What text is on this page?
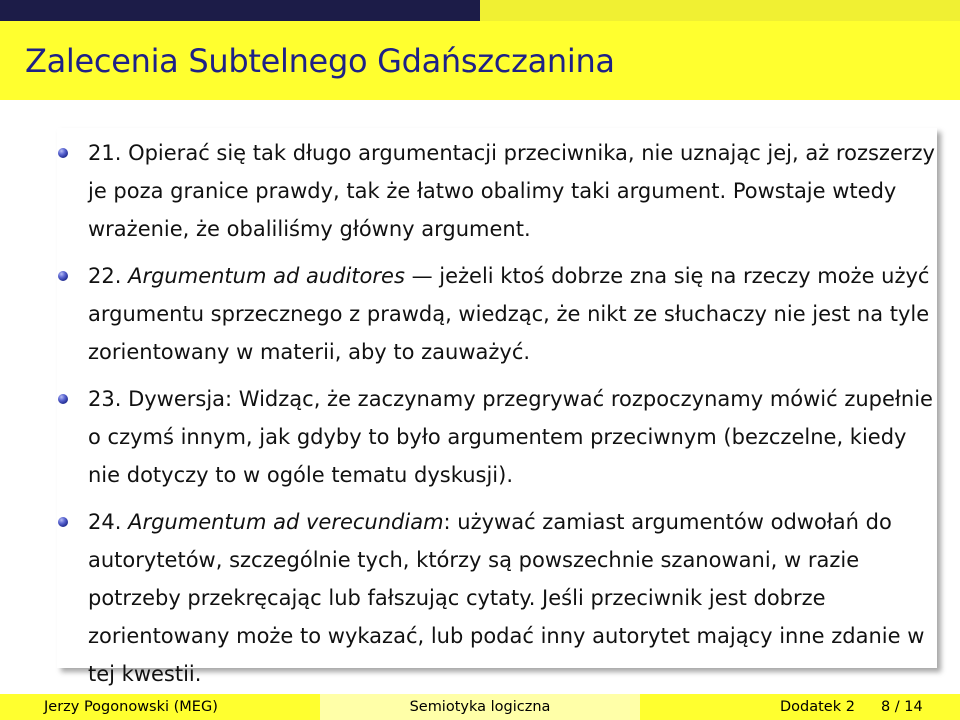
Zalecenia Subtelnego Gdańszczanina
21. Opierać się tak długo argumentacji przeciwnika, nie uznając jej, aż rozszerzy je poza granice prawdy, tak że łatwo obalimy taki argument. Powstaje wtedy wrażenie, że obaliliśmy główny argument.
22. Argumentum ad auditores — jeżeli ktoś dobrze zna się na rzeczy może użyć argumentu sprzecznego z prawdą, wiedząc, że nikt ze słuchaczy nie jest na tyle zorientowany w materii, aby to zauważyć.
23. Dywersja: Widząc, że zaczynamy przegrywać rozpoczynamy mówić zupełnie o czymś innym, jak gdyby to było argumentem przeciwnym (bezczelne, kiedy nie dotyczy to w ogóle tematu dyskusji).
24. Argumentum ad verecundiam: używać zamiast argumentów odwołań do autorytetów, szczególnie tych, którzy są powszechnie szanowani, w razie potrzeby przekręcając lub fałszując cytaty. Jeśli przeciwnik jest dobrze zorientowany może to wykazać, lub podać inny autorytet mający inne zdanie w tej kwestii.
Jerzy Pogonowski (MEG)	Semiotyka logiczna	Dodatek 2 8 / 14
